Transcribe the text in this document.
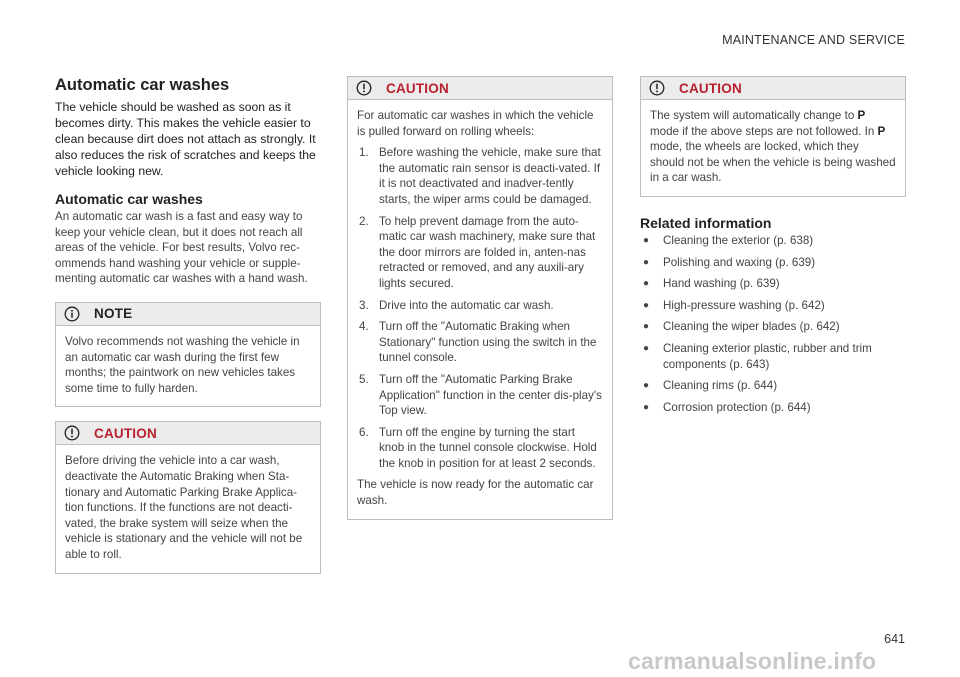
MAINTENANCE AND SERVICE
Automatic car washes

The vehicle should be washed as soon as it becomes dirty. This makes the vehicle easier to clean because dirt does not attach as strongly. It also reduces the risk of scratches and keeps the vehicle looking new.

Automatic car washes

An automatic car wash is a fast and easy way to keep your vehicle clean, but it does not reach all areas of the vehicle. For best results, Volvo rec-ommends hand washing your vehicle or supple-menting automatic car washes with a hand wash.

NOTE

Volvo recommends not washing the vehicle in an automatic car wash during the first few months; the paintwork on new vehicles takes some time to fully harden.

CAUTION

Before driving the vehicle into a car wash, deactivate the Automatic Braking when Sta-tionary and Automatic Parking Brake Applica-tion functions. If the functions are not deacti-vated, the brake system will seize when the vehicle is stationary and the vehicle will not be able to roll.

CAUTION

For automatic car washes in which the vehicle is pulled forward on rolling wheels:

1. Before washing the vehicle, make sure that the automatic rain sensor is deacti-vated. If it is not deactivated and inadver-tently starts, the wiper arms could be damaged.
2. To help prevent damage from the auto-matic car wash machinery, make sure that the door mirrors are folded in, anten-nas retracted or removed, and any auxili-ary lights secured.
3. Drive into the automatic car wash.
4. Turn off the "Automatic Braking when Stationary" function using the switch in the tunnel console.
5. Turn off the "Automatic Parking Brake Application" function in the center dis-play's Top view.
6. Turn off the engine by turning the start knob in the tunnel console clockwise. Hold the knob in position for at least 2 seconds.

The vehicle is now ready for the automatic car wash.

CAUTION

The system will automatically change to P mode if the above steps are not followed. In P mode, the wheels are locked, which they should not be when the vehicle is being washed in a car wash.

Related information
●	Cleaning the exterior (p. 638)
●	Polishing and waxing (p. 639)
●	Hand washing (p. 639)
●	High-pressure washing (p. 642)
●	Cleaning the wiper blades (p. 642)
●	Cleaning exterior plastic, rubber and trim components (p. 643)
●	Cleaning rims (p. 644)
●	Corrosion protection (p. 644)
641
carmanualsonline.info
